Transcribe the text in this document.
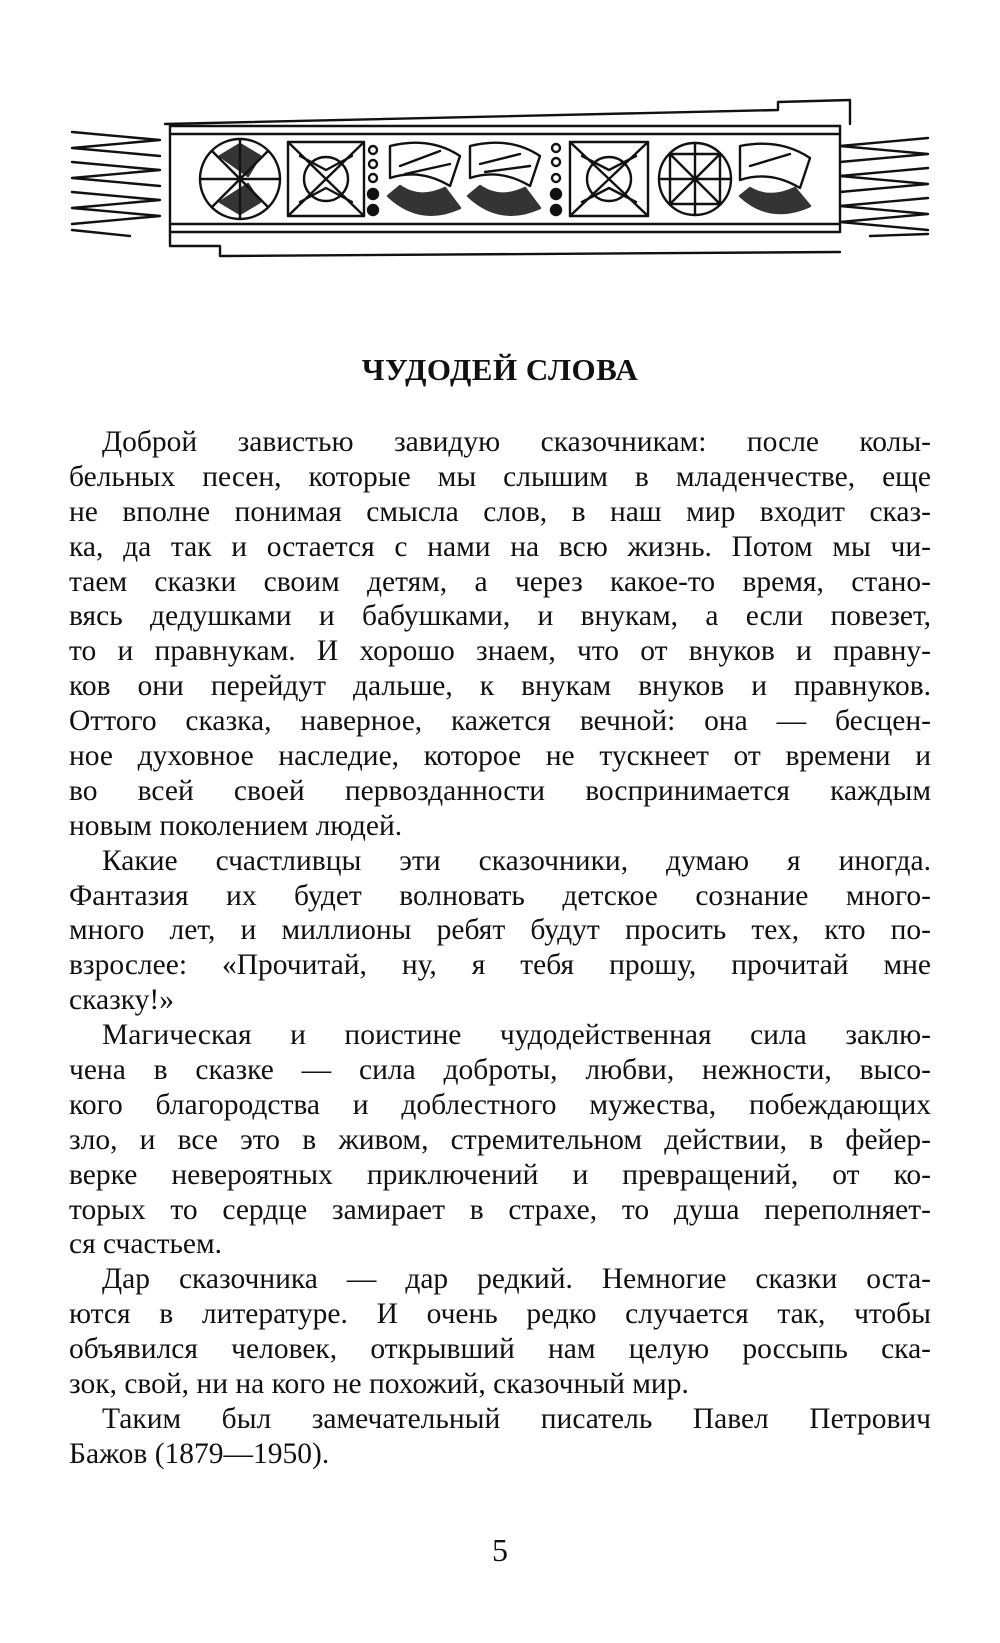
ЧУДОДЕЙ СЛОВА
Доброй завистью завидую сказочникам: после колы-
бельных песен, которые мы слышим в младенчестве, еще
не вполне понимая смысла слов, в наш мир входит сказ-
ка, да так и остается с нами на всю жизнь. Потом мы чи-
таем сказки своим детям, а через какое-то время, стано-
вясь дедушками и бабушками, и внукам, а если повезет,
то и правнукам. И хорошо знаем, что от внуков и правну-
ков они перейдут дальше, к внукам внуков и правнуков.
Оттого сказка, наверное, кажется вечной: она — бесцен-
ное духовное наследие, которое не тускнеет от времени и
во всей своей первозданности воспринимается каждым
новым поколением людей.
Какие счастливцы эти сказочники, думаю я иногда.
Фантазия их будет волновать детское сознание много-
много лет, и миллионы ребят будут просить тех, кто по-
взрослее: «Прочитай, ну, я тебя прошу, прочитай мне
сказку!»
Магическая и поистине чудодейственная сила заклю-
чена в сказке — сила доброты, любви, нежности, высо-
кого благородства и доблестного мужества, побеждающих
зло, и все это в живом, стремительном действии, в фейер-
верке невероятных приключений и превращений, от ко-
торых то сердце замирает в страхе, то душа переполняет-
ся счастьем.
Дар сказочника — дар редкий. Немногие сказки оста-
ются в литературе. И очень редко случается так, чтобы
объявился человек, открывший нам целую россыпь ска-
зок, свой, ни на кого не похожий, сказочный мир.
Таким был замечательный писатель Павел Петрович
Бажов (1879—1950).
5
